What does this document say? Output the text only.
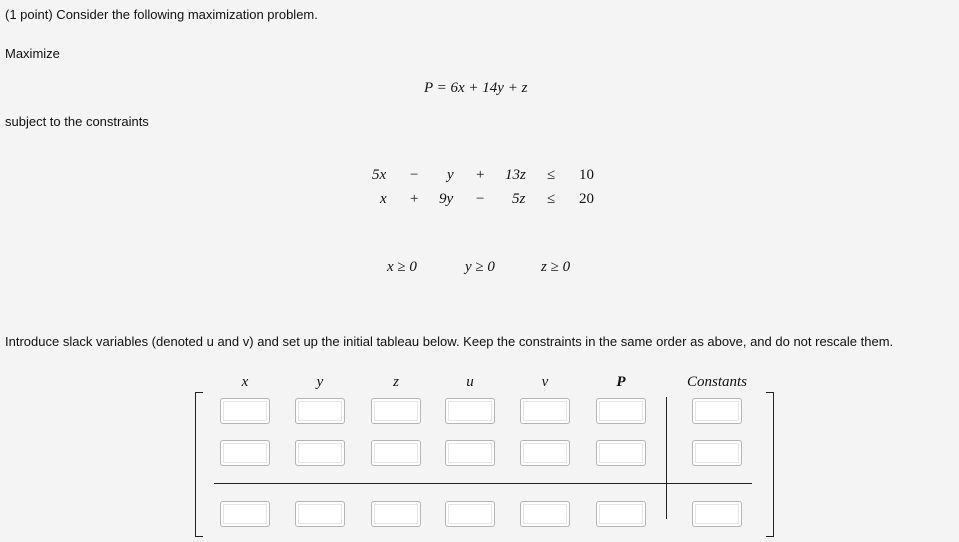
(1 point) Consider the following maximization problem.
Maximize
P = 6x + 14y + z
subject to the constraints
5x − y + 13z ≤ 10
x + 9y − 5z ≤ 20
x ≥ 0	y ≥ 0	z ≥ 0
Introduce slack variables (denoted u and v) and set up the initial tableau below. Keep the constraints in the same order as above, and do not rescale them.
x	y	z	u	v	P	Constants
